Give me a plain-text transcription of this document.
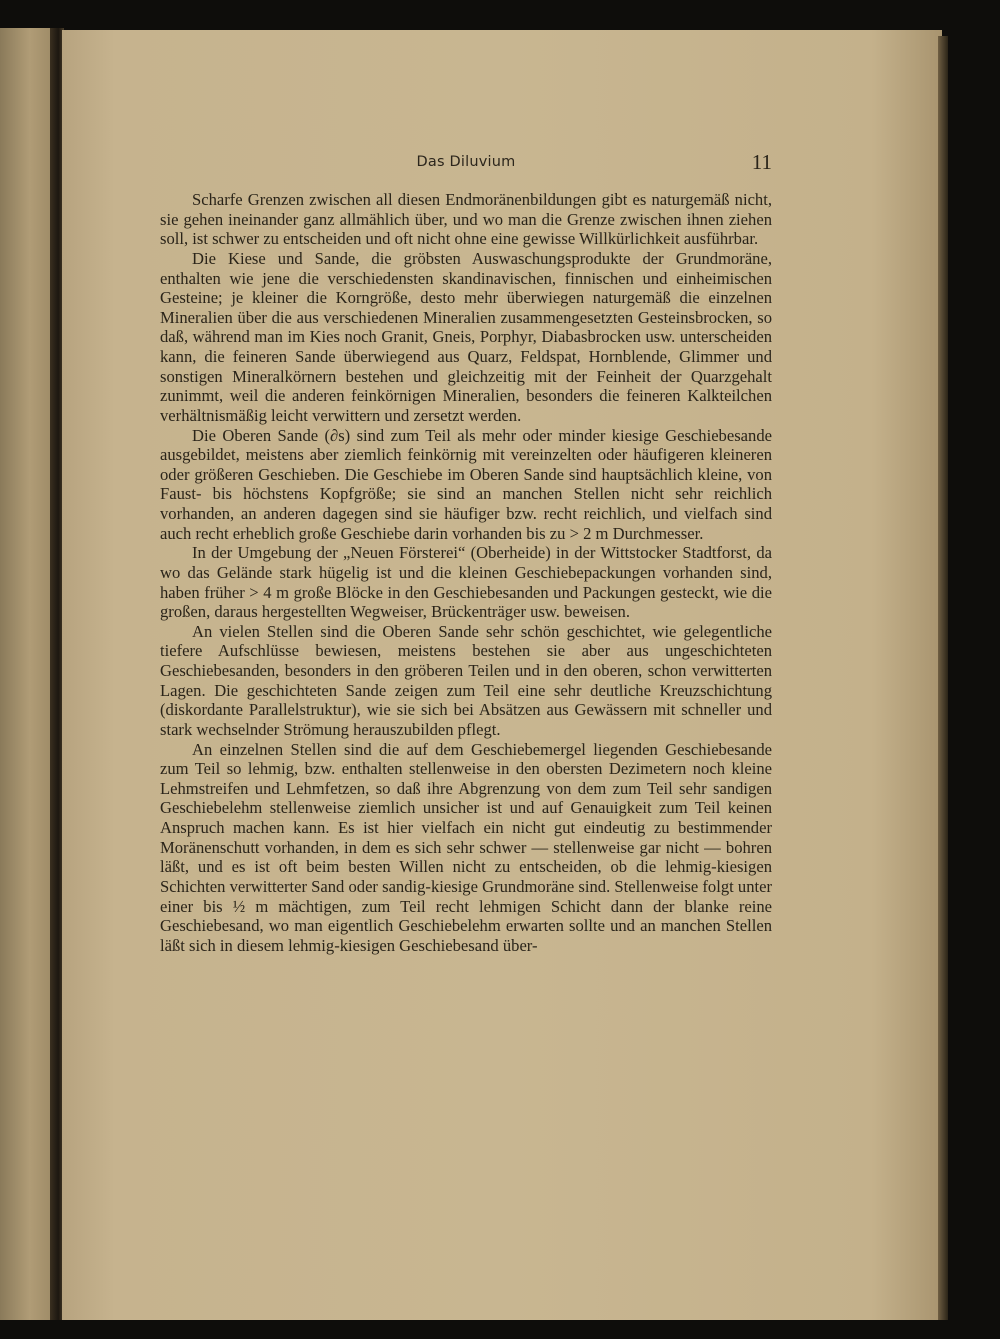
Das Diluvium	11

Scharfe Grenzen zwischen all diesen Endmoränenbildungen gibt es naturgemäß nicht, sie gehen ineinander ganz allmählich über, und wo man die Grenze zwischen ihnen ziehen soll, ist schwer zu entscheiden und oft nicht ohne eine gewisse Willkürlichkeit ausführbar.

Die Kiese und Sande, die gröbsten Auswaschungsprodukte der Grundmoräne, enthalten wie jene die verschiedensten skandinavischen, finnischen und einheimischen Gesteine; je kleiner die Korngröße, desto mehr überwiegen naturgemäß die einzelnen Mineralien über die aus verschiedenen Mineralien zusammengesetzten Gesteinsbrocken, so daß, während man im Kies noch Granit, Gneis, Porphyr, Diabasbrocken usw. unterscheiden kann, die feineren Sande überwiegend aus Quarz, Feldspat, Hornblende, Glimmer und sonstigen Mineralkörnern bestehen und gleichzeitig mit der Feinheit der Quarzgehalt zunimmt, weil die anderen feinkörnigen Mineralien, besonders die feineren Kalkteilchen verhältnismäßig leicht verwittern und zersetzt werden.

Die Oberen Sande (∂s) sind zum Teil als mehr oder minder kiesige Geschiebesande ausgebildet, meistens aber ziemlich feinkörnig mit vereinzelten oder häufigeren kleineren oder größeren Geschieben. Die Geschiebe im Oberen Sande sind hauptsächlich kleine, von Faust- bis höchstens Kopfgröße; sie sind an manchen Stellen nicht sehr reichlich vorhanden, an anderen dagegen sind sie häufiger bzw. recht reichlich, und vielfach sind auch recht erheblich große Geschiebe darin vorhanden bis zu > 2 m Durchmesser.

In der Umgebung der „Neuen Försterei“ (Oberheide) in der Wittstocker Stadtforst, da wo das Gelände stark hügelig ist und die kleinen Geschiebepackungen vorhanden sind, haben früher > 4 m große Blöcke in den Geschiebesanden und Packungen gesteckt, wie die großen, daraus hergestellten Wegweiser, Brückenträger usw. beweisen.

An vielen Stellen sind die Oberen Sande sehr schön geschichtet, wie gelegentliche tiefere Aufschlüsse bewiesen, meistens bestehen sie aber aus ungeschichteten Geschiebesanden, besonders in den gröberen Teilen und in den oberen, schon verwitterten Lagen. Die geschichteten Sande zeigen zum Teil eine sehr deutliche Kreuzschichtung (diskordante Parallelstruktur), wie sie sich bei Absätzen aus Gewässern mit schneller und stark wechselnder Strömung herauszubilden pflegt.

An einzelnen Stellen sind die auf dem Geschiebemergel liegenden Geschiebesande zum Teil so lehmig, bzw. enthalten stellenweise in den obersten Dezimetern noch kleine Lehmstreifen und Lehmfetzen, so daß ihre Abgrenzung von dem zum Teil sehr sandigen Geschiebelehm stellenweise ziemlich unsicher ist und auf Genauigkeit zum Teil keinen Anspruch machen kann. Es ist hier vielfach ein nicht gut eindeutig zu bestimmender Moränenschutt vorhanden, in dem es sich sehr schwer — stellenweise gar nicht — bohren läßt, und es ist oft beim besten Willen nicht zu entscheiden, ob die lehmig-kiesigen Schichten verwitterter Sand oder sandig-kiesige Grundmoräne sind. Stellenweise folgt unter einer bis ½ m mächtigen, zum Teil recht lehmigen Schicht dann der blanke reine Geschiebesand, wo man eigentlich Geschiebelehm erwarten sollte und an manchen Stellen läßt sich in diesem lehmig-kiesigen Geschiebesand über-
